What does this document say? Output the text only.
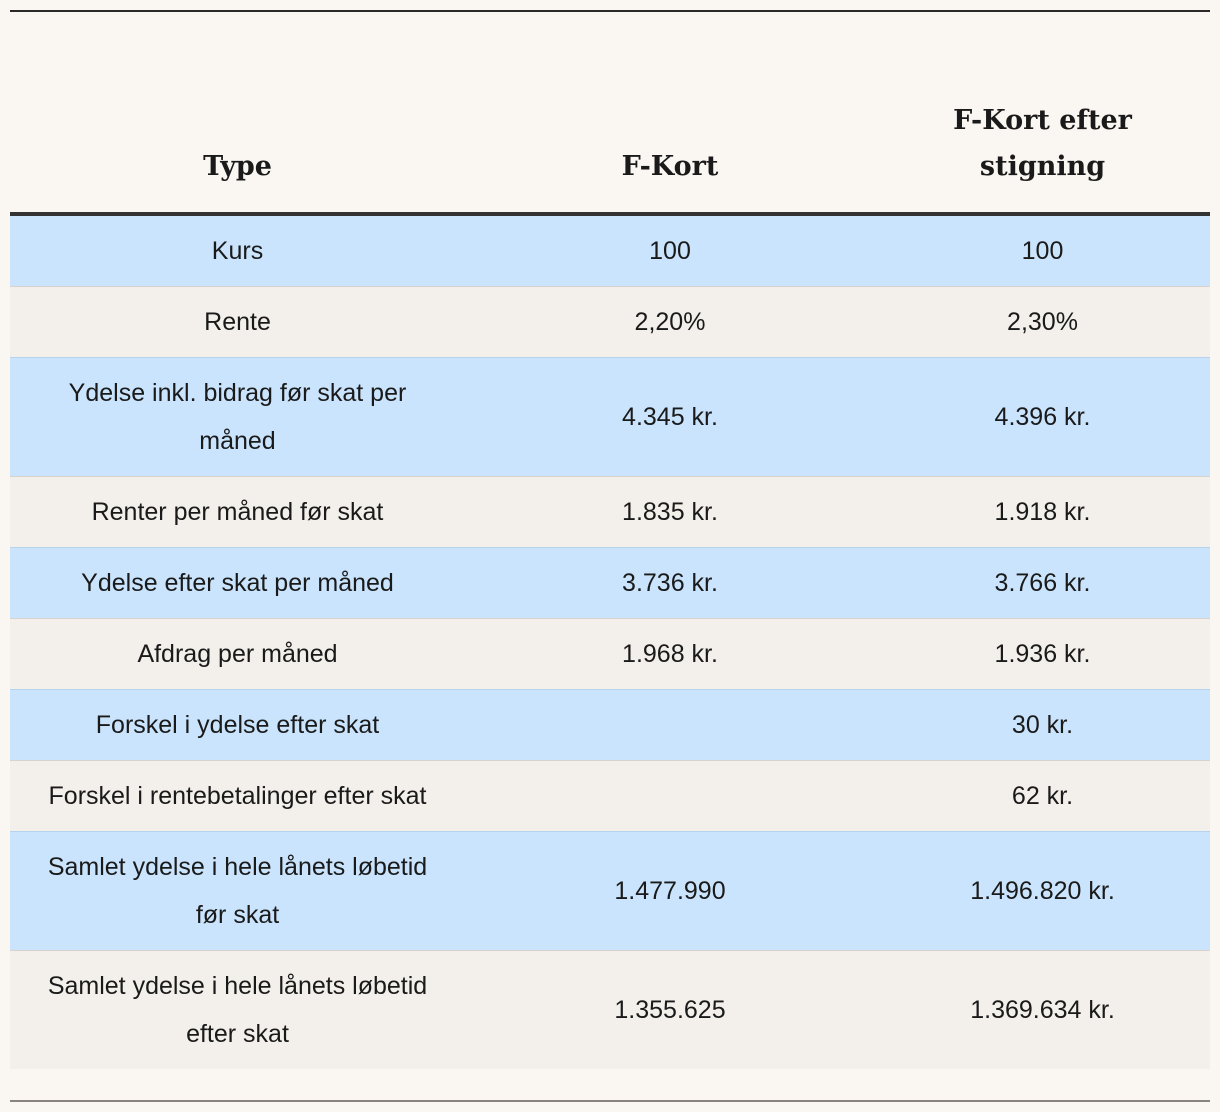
Type	F-Kort	F-Kort efter stigning
Kurs	100	100
Rente	2,20%	2,30%
Ydelse inkl. bidrag før skat per måned	4.345 kr.	4.396 kr.
Renter per måned før skat	1.835 kr.	1.918 kr.
Ydelse efter skat per måned	3.736 kr.	3.766 kr.
Afdrag per måned	1.968 kr.	1.936 kr.
Forskel i ydelse efter skat		30 kr.
Forskel i rentebetalinger efter skat		62 kr.
Samlet ydelse i hele lånets løbetid før skat	1.477.990	1.496.820 kr.
Samlet ydelse i hele lånets løbetid efter skat	1.355.625	1.369.634 kr.
